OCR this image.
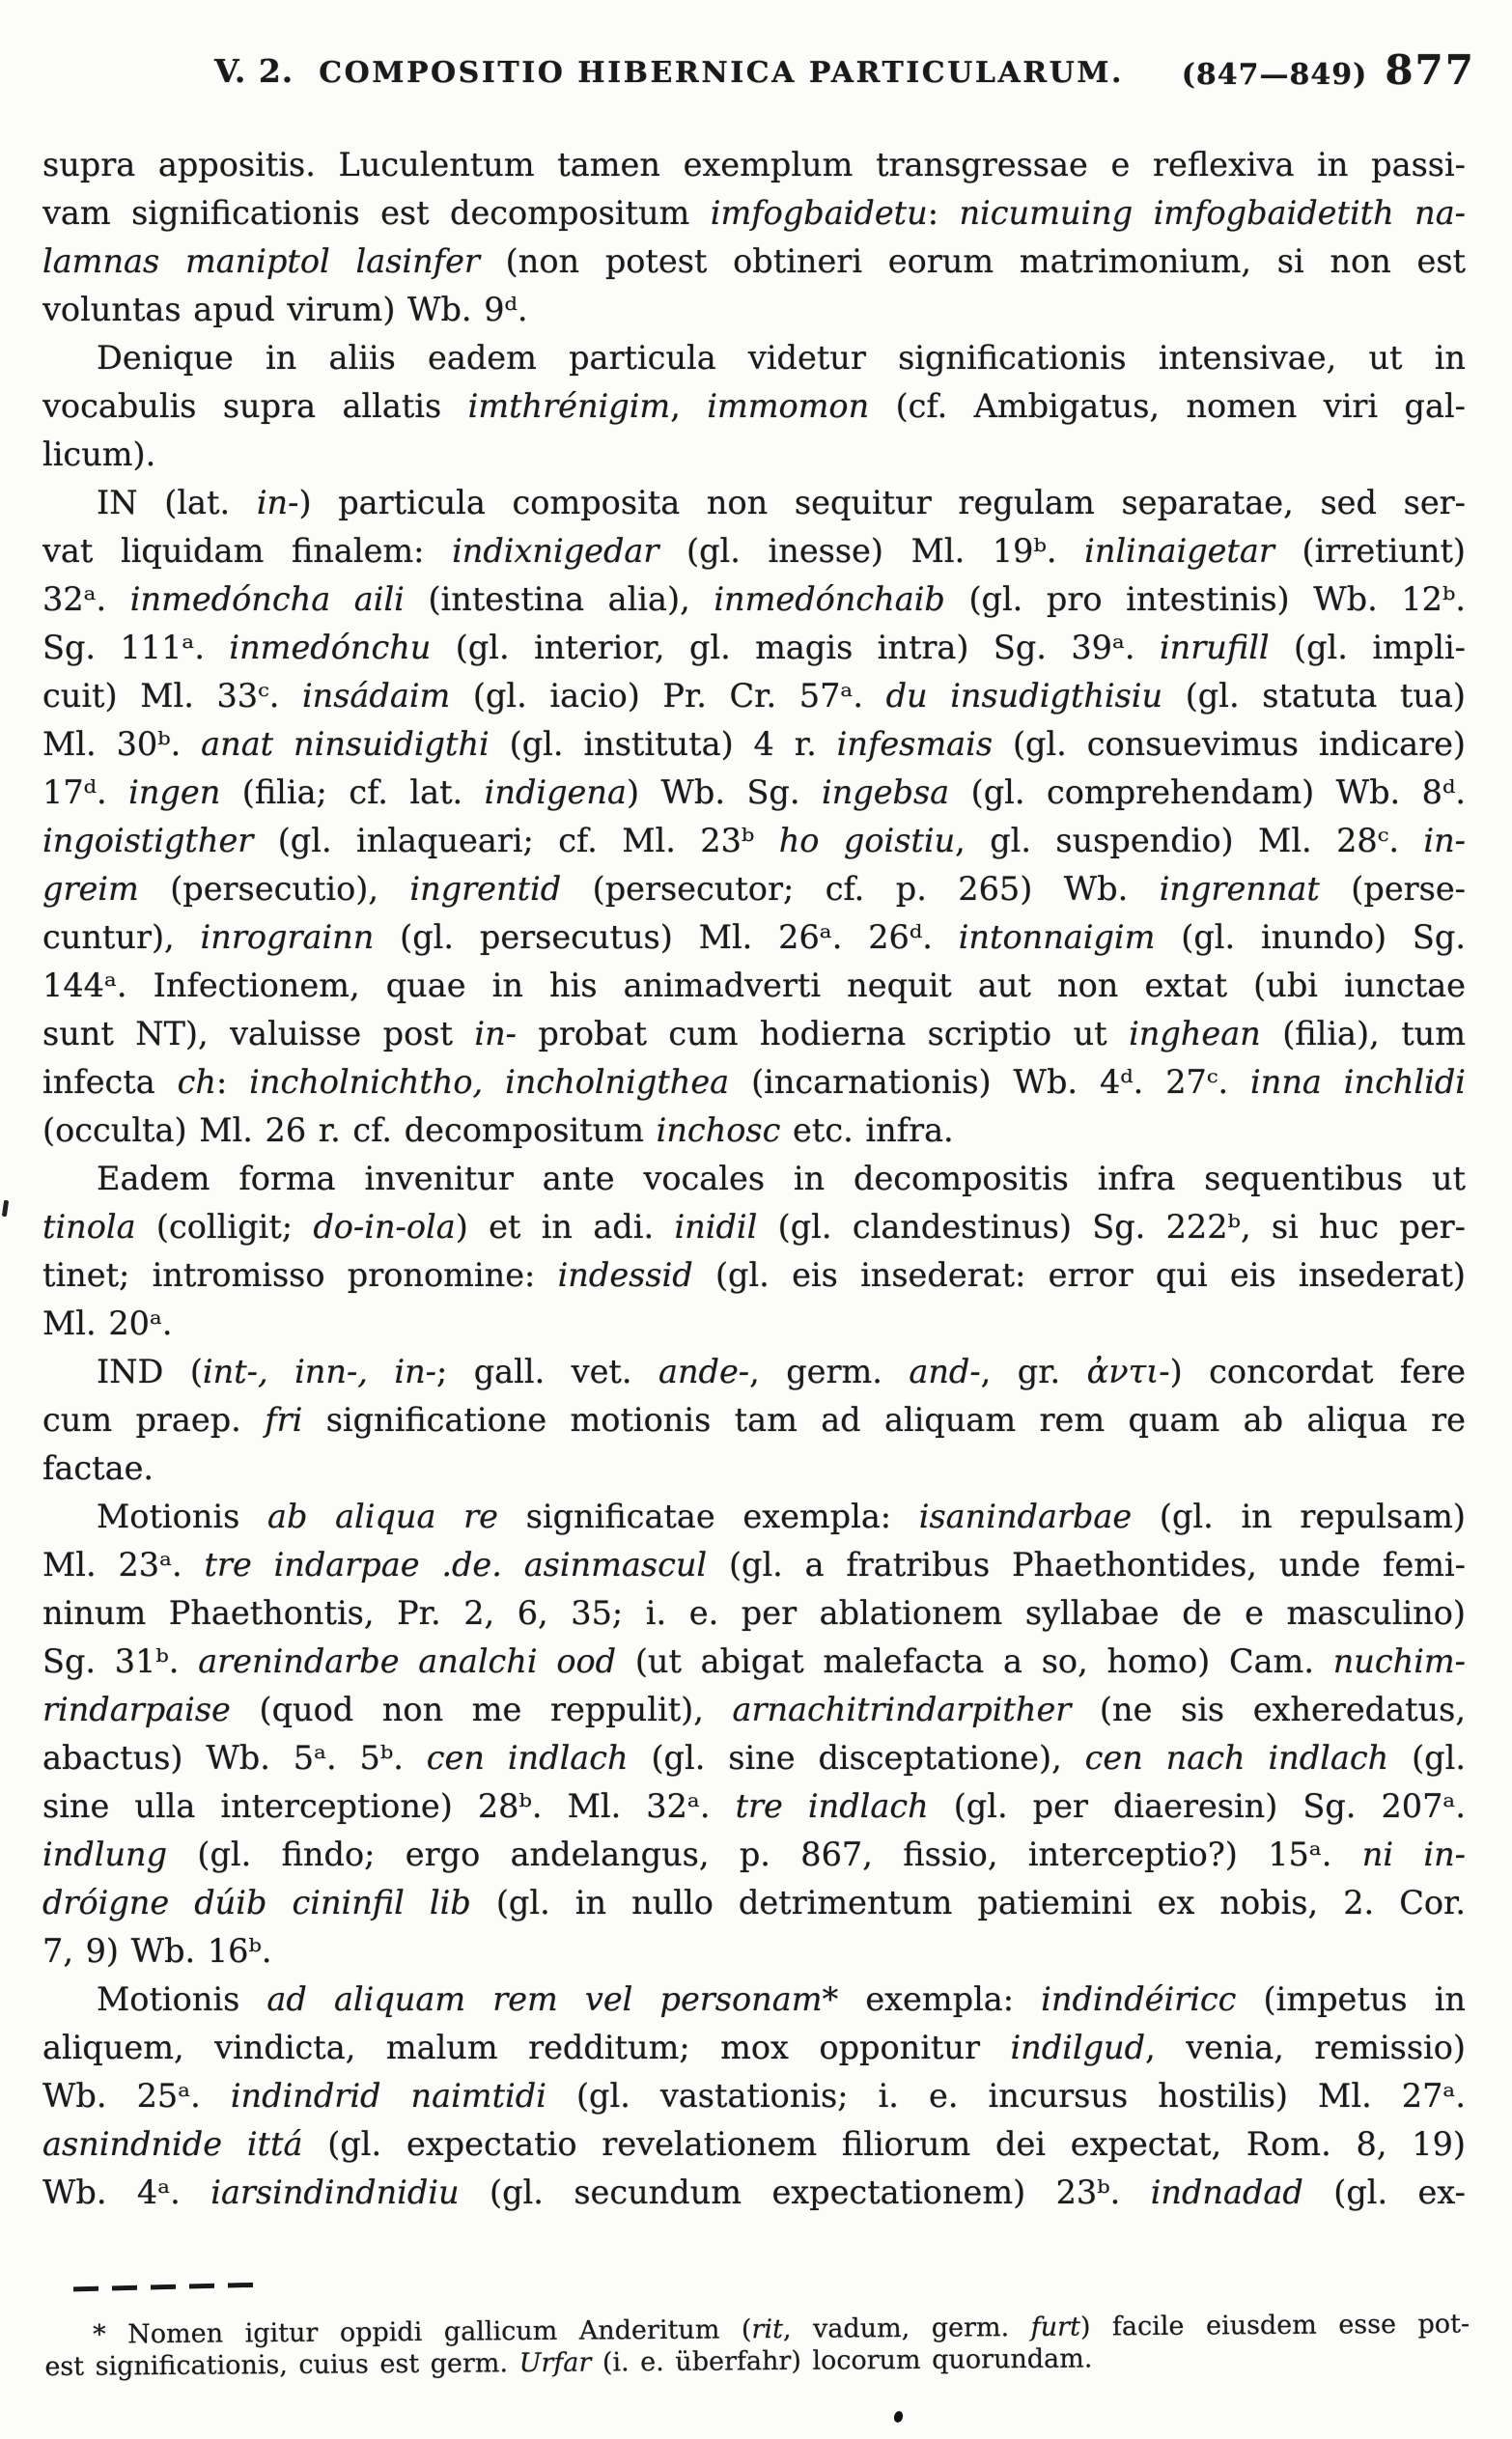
V. 2. COMPOSITIO HIBERNICA PARTICULARUM. (847—849) 877
supra appositis. Luculentum tamen exemplum transgressae e reflexiva in passi-
vam significationis est decompositum imfogbaidetu: nicumuing imfogbaidetith na-
lamnas maniptol lasinfer (non potest obtineri eorum matrimonium, si non est
voluntas apud virum) Wb. 9ᵈ.
Denique in aliis eadem particula videtur significationis intensivae, ut in
vocabulis supra allatis imthrénigim, immomon (cf. Ambigatus, nomen viri gal-
licum).
IN (lat. in-) particula composita non sequitur regulam separatae, sed ser-
vat liquidam finalem: indixnigedar (gl. inesse) Ml. 19ᵇ. inlinaigetar (irretiunt)
32ᵃ. inmedóncha aili (intestina alia), inmedónchaib (gl. pro intestinis) Wb. 12ᵇ.
Sg. 111ᵃ. inmedónchu (gl. interior, gl. magis intra) Sg. 39ᵃ. inrufill (gl. impli-
cuit) Ml. 33ᶜ. insádaim (gl. iacio) Pr. Cr. 57ᵃ. du insudigthisiu (gl. statuta tua)
Ml. 30ᵇ. anat ninsuidigthi (gl. instituta) 4 r. infesmais (gl. consuevimus indicare)
17ᵈ. ingen (filia; cf. lat. indigena) Wb. Sg. ingebsa (gl. comprehendam) Wb. 8ᵈ.
ingoistigther (gl. inlaqueari; cf. Ml. 23ᵇ ho goistiu, gl. suspendio) Ml. 28ᶜ. in-
greim (persecutio), ingrentid (persecutor; cf. p. 265) Wb. ingrennat (perse-
cuntur), inrograinn (gl. persecutus) Ml. 26ᵃ. 26ᵈ. intonnaigim (gl. inundo) Sg.
144ᵃ. Infectionem, quae in his animadverti nequit aut non extat (ubi iunctae
sunt NT), valuisse post in- probat cum hodierna scriptio ut inghean (filia), tum
infecta ch: incholnichtho, incholnigthea (incarnationis) Wb. 4ᵈ. 27ᶜ. inna inchlidi
(occulta) Ml. 26 r. cf. decompositum inchosc etc. infra.
Eadem forma invenitur ante vocales in decompositis infra sequentibus ut
tinola (colligit; do-in-ola) et in adi. inidil (gl. clandestinus) Sg. 222ᵇ, si huc per-
tinet; intromisso pronomine: indessid (gl. eis insederat: error qui eis insederat)
Ml. 20ᵃ.
IND (int-, inn-, in-; gall. vet. ande-, germ. and-, gr. ἀντι-) concordat fere
cum praep. fri significatione motionis tam ad aliquam rem quam ab aliqua re
factae.
Motionis ab aliqua re significatae exempla: isanindarbae (gl. in repulsam)
Ml. 23ᵃ. tre indarpae .de. asinmascul (gl. a fratribus Phaethontides, unde femi-
ninum Phaethontis, Pr. 2, 6, 35; i. e. per ablationem syllabae de e masculino)
Sg. 31ᵇ. arenindarbe analchi ood (ut abigat malefacta a so, homo) Cam. nuchim-
rindarpaise (quod non me reppulit), arnachitrindarpither (ne sis exheredatus,
abactus) Wb. 5ᵃ. 5ᵇ. cen indlach (gl. sine disceptatione), cen nach indlach (gl.
sine ulla interceptione) 28ᵇ. Ml. 32ᵃ. tre indlach (gl. per diaeresin) Sg. 207ᵃ.
indlung (gl. findo; ergo andelangus, p. 867, fissio, interceptio?) 15ᵃ. ni in-
dróigne dúib cininfil lib (gl. in nullo detrimentum patiemini ex nobis, 2. Cor.
7, 9) Wb. 16ᵇ.
Motionis ad aliquam rem vel personam* exempla: indindéiricc (impetus in
aliquem, vindicta, malum redditum; mox opponitur indilgud, venia, remissio)
Wb. 25ᵃ. indindrid naimtidi (gl. vastationis; i. e. incursus hostilis) Ml. 27ᵃ.
asnindnide ittá (gl. expectatio revelationem filiorum dei expectat, Rom. 8, 19)
Wb. 4ᵃ. iarsindindnidiu (gl. secundum expectationem) 23ᵇ. indnadad (gl. ex-
* Nomen igitur oppidi gallicum Anderitum (rit, vadum, germ. furt) facile eiusdem esse pot-
est significationis, cuius est germ. Urfar (i. e. überfahr) locorum quorundam.
